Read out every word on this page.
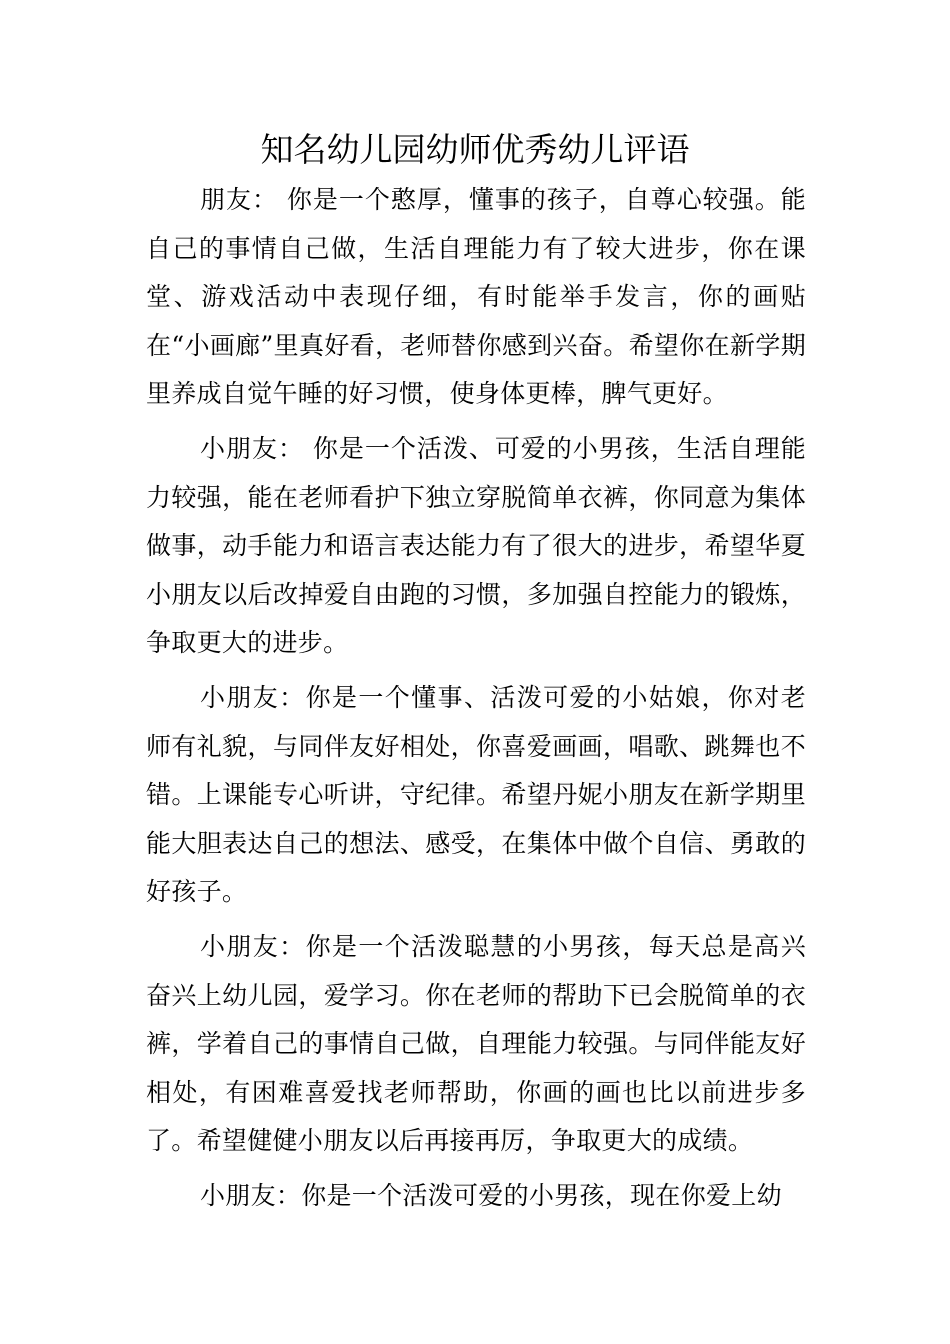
知名幼儿园幼师优秀幼儿评语

朋友： 你是一个憨厚，懂事的孩子，自尊心较强。能自己的事情自己做，生活自理能力有了较大进步，你在课堂、游戏活动中表现仔细，有时能举手发言，你的画贴在“小画廊”里真好看，老师替你感到兴奋。希望你在新学期里养成自觉午睡的好习惯，使身体更棒，脾气更好。

小朋友： 你是一个活泼、可爱的小男孩，生活自理能力较强，能在老师看护下独立穿脱简单衣裤，你同意为集体做事，动手能力和语言表达能力有了很大的进步，希望华夏小朋友以后改掉爱自由跑的习惯，多加强自控能力的锻炼，争取更大的进步。

小朋友：你是一个懂事、活泼可爱的小姑娘，你对老师有礼貌，与同伴友好相处，你喜爱画画，唱歌、跳舞也不错。上课能专心听讲，守纪律。希望丹妮小朋友在新学期里能大胆表达自己的想法、感受，在集体中做个自信、勇敢的好孩子。

小朋友：你是一个活泼聪慧的小男孩，每天总是高兴奋兴上幼儿园，爱学习。你在老师的帮助下已会脱简单的衣裤，学着自己的事情自己做，自理能力较强。与同伴能友好相处，有困难喜爱找老师帮助，你画的画也比以前进步多了。希望健健小朋友以后再接再厉，争取更大的成绩。

小朋友：你是一个活泼可爱的小男孩，现在你爱上幼
